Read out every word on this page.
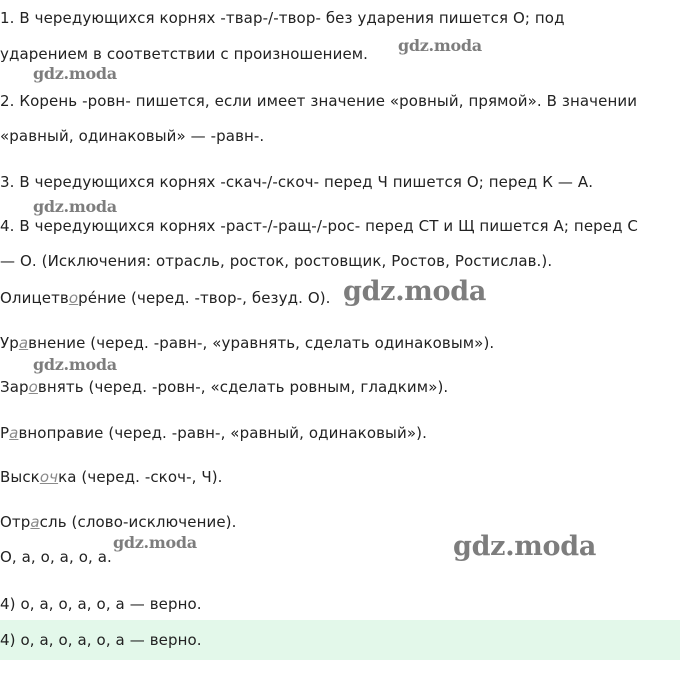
1. В чередующихся корнях -твар-/-твор- без ударения пишется О; под
ударением в соответствии с произношением.
2. Корень -ровн- пишется, если имеет значение «ровный, прямой». В значении
«равный, одинаковый» — -равн-.
3. В чередующихся корнях -скач-/-скоч- перед Ч пишется О; перед К — А.
4. В чередующихся корнях -раст-/-ращ-/-рос- перед СТ и Щ пишется А; перед С
— О. (Исключения: отрасль, росток, ростовщик, Ростов, Ростислав.).
Олицетворе́ние (черед. -твор-, безуд. О).
Уравнение (черед. -равн-, «уравнять, сделать одинаковым»).
Заровнять (черед. -ровн-, «сделать ровным, гладким»).
Равноправие (черед. -равн-, «равный, одинаковый»).
Выскочка (черед. -скоч-, Ч).
Отрасль (слово-исключение).
О, а, о, а, о, а.
4) о, а, о, а, о, а — верно.
4) о, а, о, а, о, а — верно.
gdz.moda
gdz.moda
gdz.moda
gdz.moda
gdz.moda
gdz.moda	gdz.moda
